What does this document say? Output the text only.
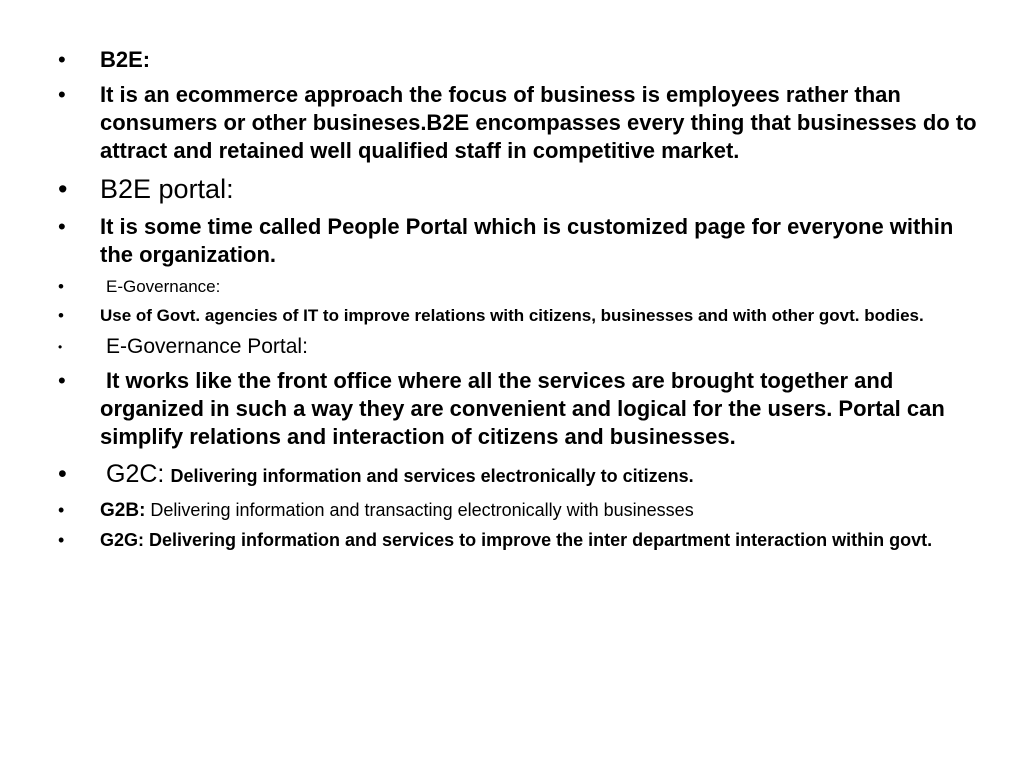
• B2E:
• It is an ecommerce approach the focus of business is employees rather than consumers or other busineses.B2E encompasses every thing that businesses do to attract and retained well qualified staff in competitive market.
• B2E portal:
• It is some time called People Portal which is customized page for everyone within the organization.
• E-Governance:
• Use of Govt. agencies of IT to improve relations with citizens, businesses and with other govt. bodies.
• E-Governance Portal:
• It works like the front office where all the services are brought together and organized in such a way they are convenient and logical for the users. Portal can simplify relations and interaction of citizens and businesses.
• G2C: Delivering information and services electronically to citizens.
• G2B: Delivering information and transacting electronically with businesses
• G2G: Delivering information and services to improve the inter department interaction within govt.
